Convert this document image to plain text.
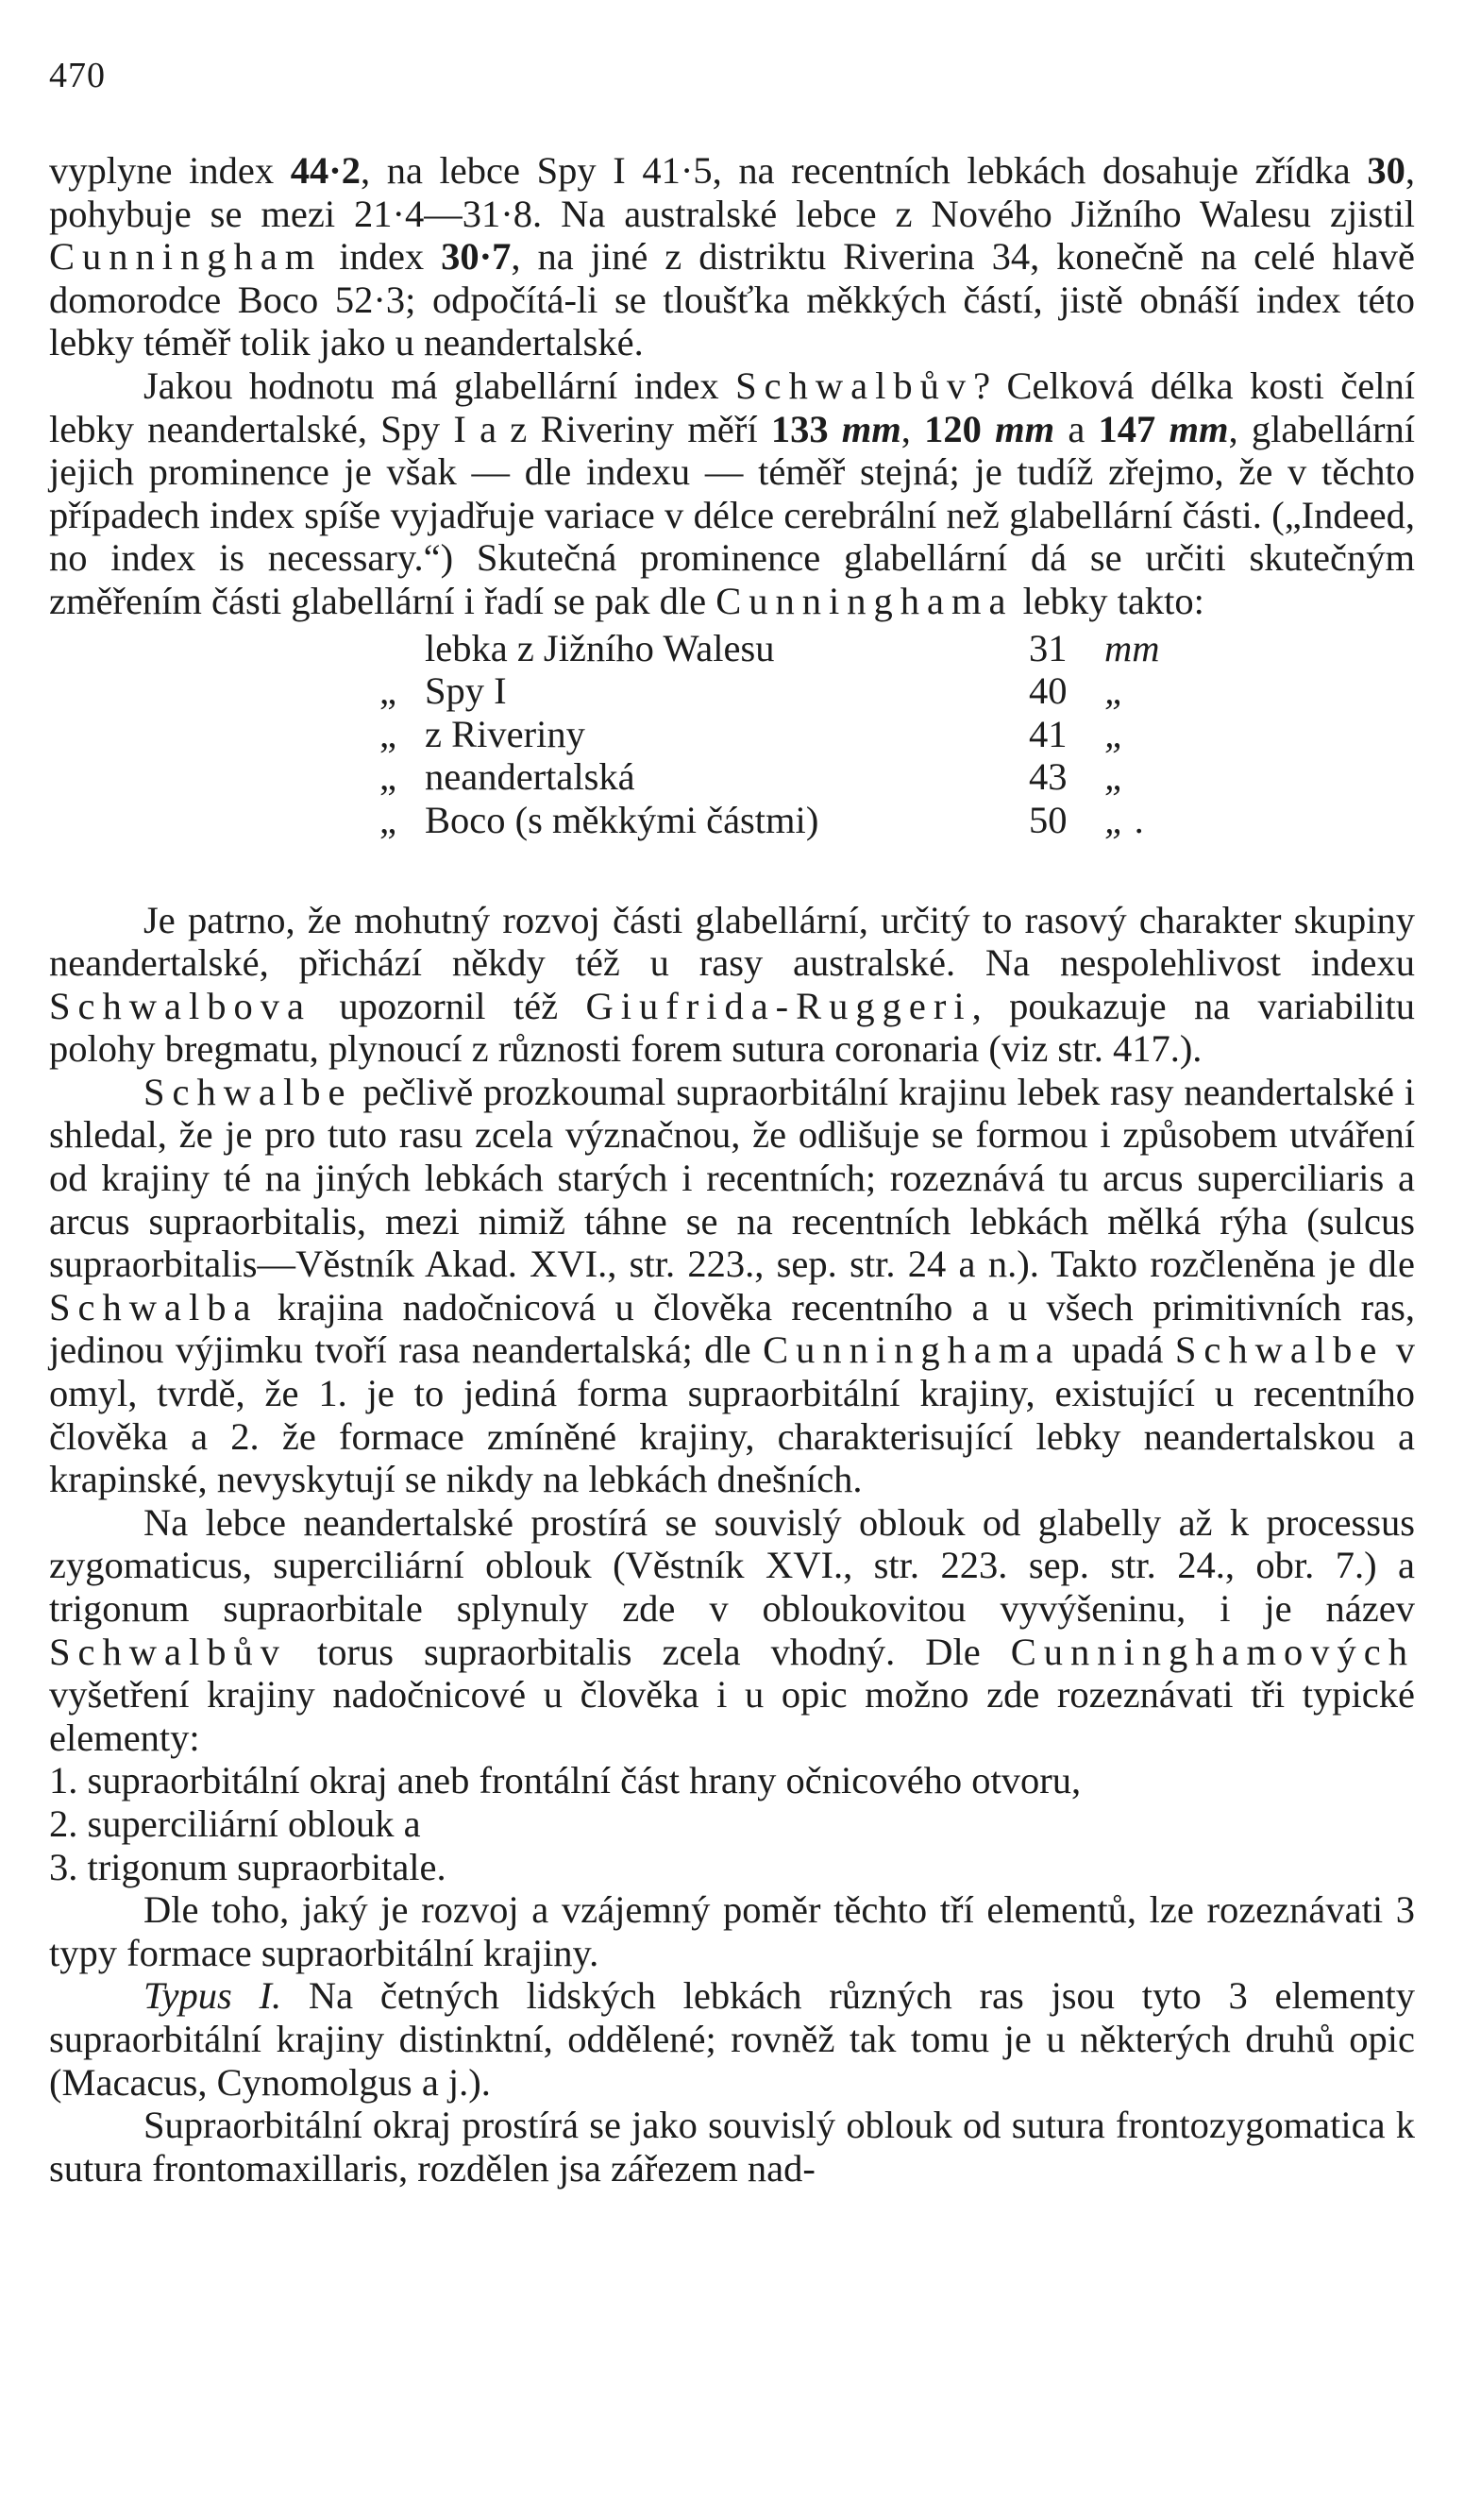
470

vyplyne index 44·2, na lebce Spy I 41·5, na recentních lebkách dosahuje zřídka 30, pohybuje se mezi 21·4—31·8. Na australské lebce z Nového Jižního Walesu zjistil Cunningham index 30·7, na jiné z distriktu Riverina 34, konečně na celé hlavě domorodce Boco 52·3; odpočítá-li se tloušťka měkkých částí, jistě obnáší index této lebky téměř tolik jako u neandertalské.

Jakou hodnotu má glabellární index Schwalbův? Celková délka kosti čelní lebky neandertalské, Spy I a z Riveriny měří 133 mm, 120 mm a 147 mm, glabellární jejich prominence je však — dle indexu — téměř stejná; je tudíž zřejmo, že v těchto případech index spíše vyjadřuje variace v délce cerebrální než glabellární části. („Indeed, no index is necessary.“) Skutečná prominence glabellární dá se určiti skutečným změřením části glabellární i řadí se pak dle Cunninghama lebky takto:

lebka z Jižního Walesu	31 mm
„ Spy I	40 „
„ z Riveriny	41 „
„ neandertalská	43 „
„ Boco (s měkkými částmi)	50 „ .

Je patrno, že mohutný rozvoj části glabellární, určitý to rasový charakter skupiny neandertalské, přichází někdy též u rasy australské. Na nespolehlivost indexu Schwalbova upozornil též Giufrida-Ruggeri, poukazuje na variabilitu polohy bregmatu, plynoucí z různosti forem sutura coronaria (viz str. 417.).

Schwalbe pečlivě prozkoumal supraorbitální krajinu lebek rasy neandertalské i shledal, že je pro tuto rasu zcela význačnou, že odlišuje se formou i způsobem utváření od krajiny té na jiných lebkách starých i recentních; rozeznává tu arcus superciliaris a arcus supraorbitalis, mezi nimiž táhne se na recentních lebkách mělká rýha (sulcus supraorbitalis—Věstník Akad. XVI., str. 223., sep. str. 24 a n.). Takto rozčleněna je dle Schwalba krajina nadočnicová u člověka recentního a u všech primitivních ras, jedinou výjimku tvoří rasa neandertalská; dle Cunninghama upadá Schwalbe v omyl, tvrdě, že 1. je to jediná forma supraorbitální krajiny, existující u recentního člověka a 2. že formace zmíněné krajiny, charakterisující lebky neandertalskou a krapinské, nevyskytují se nikdy na lebkách dnešních.

Na lebce neandertalské prostírá se souvislý oblouk od glabelly až k processus zygomaticus, superciliární oblouk (Věstník XVI., str. 223. sep. str. 24., obr. 7.) a trigonum supraorbitale splynuly zde v obloukovitou vyvýšeninu, i je název Schwalbův torus supraorbitalis zcela vhodný. Dle Cunninghamových vyšetření krajiny nadočnicové u člověka i u opic možno zde rozeznávati tři typické elementy:

1. supraorbitální okraj aneb frontální část hrany očnicového otvoru,

2. superciliární oblouk a

3. trigonum supraorbitale.

Dle toho, jaký je rozvoj a vzájemný poměr těchto tří elementů, lze rozeznávati 3 typy formace supraorbitální krajiny.

Typus I. Na četných lidských lebkách různých ras jsou tyto 3 elementy supraorbitální krajiny distinktní, oddělené; rovněž tak tomu je u některých druhů opic (Macacus, Cynomolgus a j.).

Supraorbitální okraj prostírá se jako souvislý oblouk od sutura frontozygomatica k sutura frontomaxillaris, rozdělen jsa zářezem nad-
